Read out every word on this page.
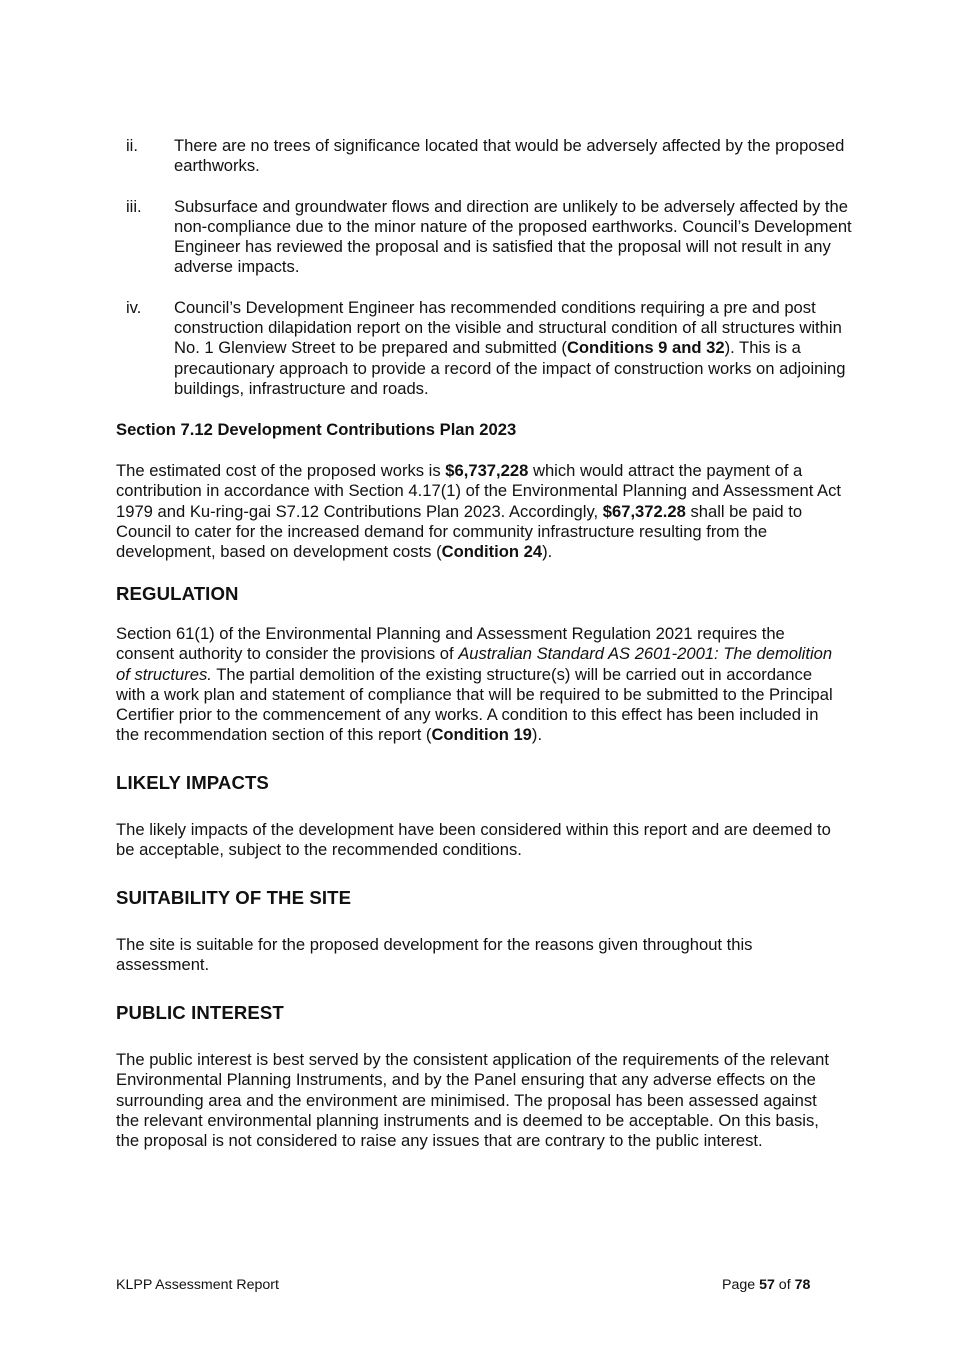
ii.	There are no trees of significance located that would be adversely affected by the proposed earthworks.
iii.	Subsurface and groundwater flows and direction are unlikely to be adversely affected by the non-compliance due to the minor nature of the proposed earthworks. Council’s Development Engineer has reviewed the proposal and is satisfied that the proposal will not result in any adverse impacts.
iv.	Council’s Development Engineer has recommended conditions requiring a pre and post construction dilapidation report on the visible and structural condition of all structures within No. 1 Glenview Street to be prepared and submitted (Conditions 9 and 32). This is a precautionary approach to provide a record of the impact of construction works on adjoining buildings, infrastructure and roads.
Section 7.12 Development Contributions Plan 2023
The estimated cost of the proposed works is $6,737,228 which would attract the payment of a contribution in accordance with Section 4.17(1) of the Environmental Planning and Assessment Act 1979 and Ku-ring-gai S7.12 Contributions Plan 2023. Accordingly, $67,372.28 shall be paid to Council to cater for the increased demand for community infrastructure resulting from the development, based on development costs (Condition 24).
REGULATION
Section 61(1) of the Environmental Planning and Assessment Regulation 2021 requires the consent authority to consider the provisions of Australian Standard AS 2601-2001: The demolition of structures. The partial demolition of the existing structure(s) will be carried out in accordance with a work plan and statement of compliance that will be required to be submitted to the Principal Certifier prior to the commencement of any works. A condition to this effect has been included in the recommendation section of this report (Condition 19).
LIKELY IMPACTS
The likely impacts of the development have been considered within this report and are deemed to be acceptable, subject to the recommended conditions.
SUITABILITY OF THE SITE
The site is suitable for the proposed development for the reasons given throughout this assessment.
PUBLIC INTEREST
The public interest is best served by the consistent application of the requirements of the relevant Environmental Planning Instruments, and by the Panel ensuring that any adverse effects on the surrounding area and the environment are minimised. The proposal has been assessed against the relevant environmental planning instruments and is deemed to be acceptable. On this basis, the proposal is not considered to raise any issues that are contrary to the public interest.
KLPP Assessment Report	Page 57 of 78
